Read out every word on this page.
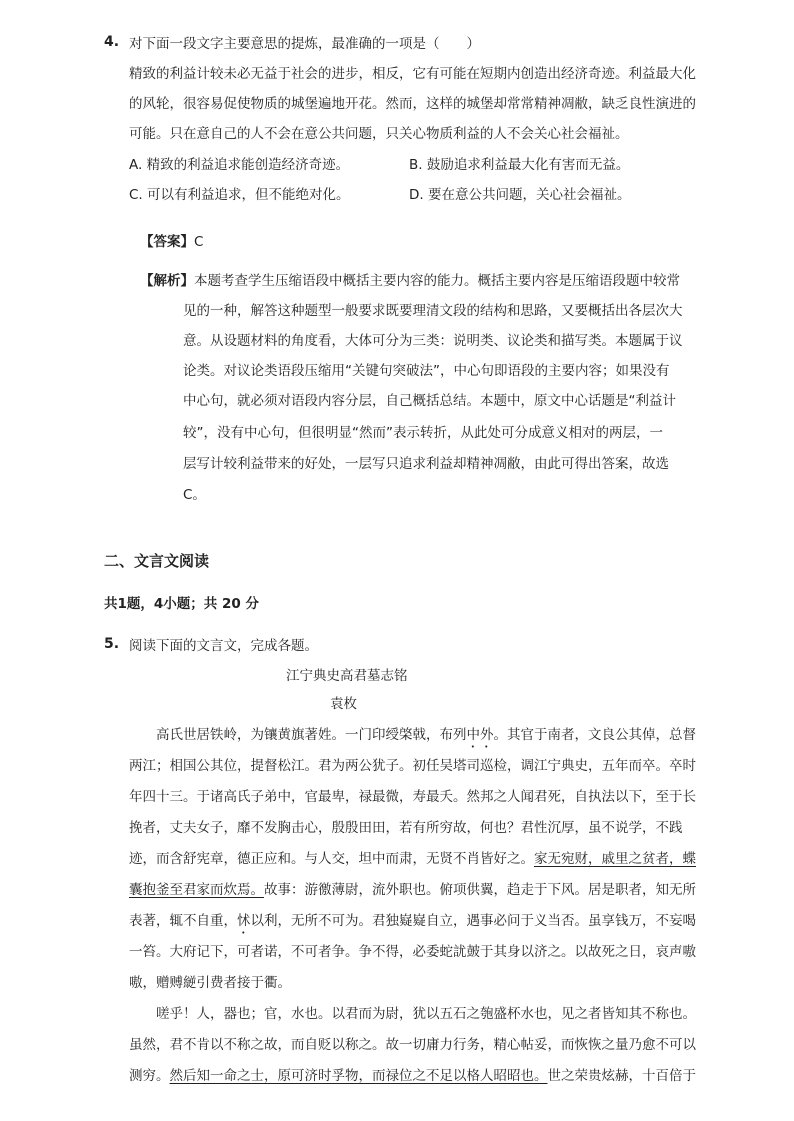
4. 对下面一段文字主要意思的提炼，最准确的一项是（　　）
精致的利益计较未必无益于社会的进步，相反，它有可能在短期内创造出经济奇迹。利益最大化
的风轮，很容易促使物质的城堡遍地开花。然而，这样的城堡却常常精神凋敝，缺乏良性演进的
可能。只在意自己的人不会在意公共问题，只关心物质利益的人不会关心社会福祉。
A. 精致的利益追求能创造经济奇迹。	B. 鼓励追求利益最大化有害而无益。
C. 可以有利益追求，但不能绝对化。	D. 要在意公共问题，关心社会福祉。
【答案】C
【解析】本题考查学生压缩语段中概括主要内容的能力。概括主要内容是压缩语段题中较常
见的一种，解答这种题型一般要求既要理清文段的结构和思路，又要概括出各层次大
意。从设题材料的角度看，大体可分为三类：说明类、议论类和描写类。本题属于议
论类。对议论类语段压缩用“关键句突破法”，中心句即语段的主要内容；如果没有
中心句，就必须对语段内容分层，自己概括总结。本题中，原文中心话题是“利益计
较”，没有中心句，但很明显“然而”表示转折，从此处可分成意义相对的两层，一
层写计较利益带来的好处，一层写只追求利益却精神凋敝，由此可得出答案，故选
C。
二、文言文阅读
共1题，4小题；共 20 分
5. 阅读下面的文言文，完成各题。
江宁典史高君墓志铭
袁枚
　　高氏世居铁岭，为镶黄旗著姓。一门印绶棨戟，布列中外。其官于南者，文良公其倬，总督
两江；相国公其位，提督松江。君为两公犹子。初任吴塔司巡检，调江宁典史，五年而卒。卒时
年四十三。于诸高氏子弟中，官最卑，禄最微，寿最夭。然邦之人闻君死，自执法以下，至于长
挽者，丈夫女子，靡不发胸击心，殷殷田田，若有所穷故，何也？君性沉厚，虽不说学，不践
迹，而含舒宪章，德正应和。与人交，坦中而肃，无贤不肖皆好之。家无宛财，戚里之贫者，蝶
囊抱釜至君家而炊焉。故事：游徼薄尉，流外职也。俯项供翼，趋走于下风。居是职者，知无所
表著，辄不自重，怵以利，无所不可为。君独嶷嶷自立，遇事必问于义当否。虽享钱万，不妄喝
一笞。大府记下，可者诺，不可者争。争不得，必委蛇訧皷于其身以济之。以故死之日，哀声嗷
嗷，赠赙縌引费者接于衢。
　　嗟乎！人，器也；官，水也。以君而为尉，犹以五石之匏盛杯水也，见之者皆知其不称也。
虽然，君不肯以不称之故，而自贬以称之。故一切庸力行务，精心帖妥，而恢恢之量乃愈不可以
测穷。然后知一命之士，原可济时孚物，而禄位之不足以格人昭昭也。世之荣贵炫赫，十百倍于
